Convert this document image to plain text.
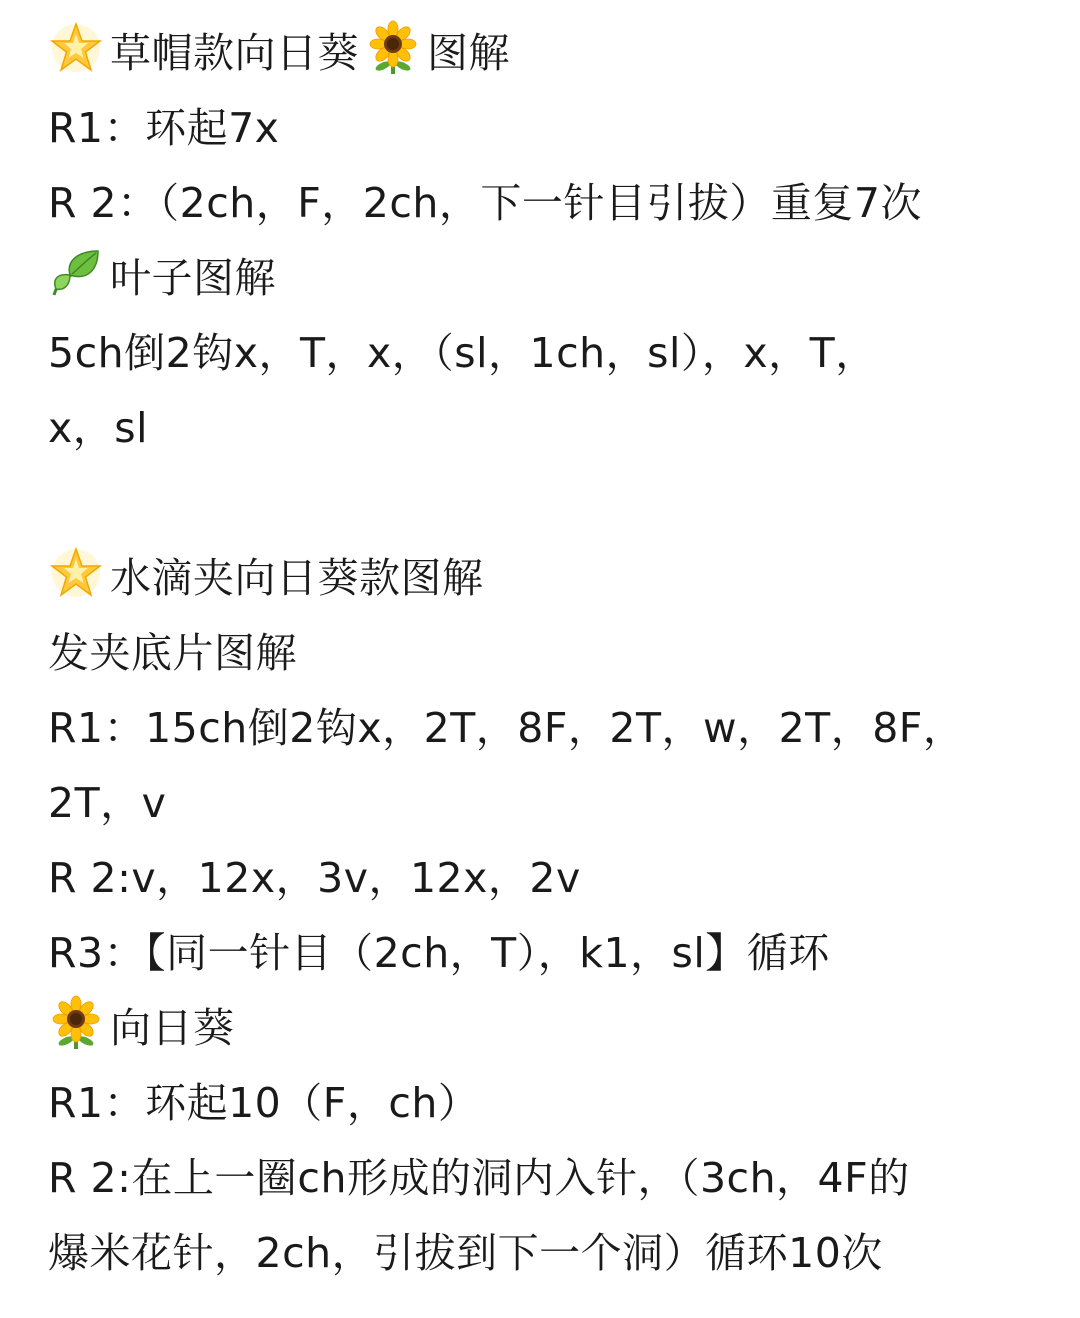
草帽款向日葵 图解
R1：环起7x
R 2：（2ch，F，2ch，下一针目引拔）重复7次
叶子图解
5ch倒2钩x，T，x，（sl，1ch，sl），x，T，
x，sl
水滴夹向日葵款图解
发夹底片图解
R1：15ch倒2钩x，2T，8F，2T，w，2T，8F，
2T，v
R 2:v，12x，3v，12x，2v
R3：【同一针目（2ch，T），k1，sl】循环
向日葵
R1：环起10（F，ch）
R 2:在上一圈ch形成的洞内入针，（3ch，4F的
爆米花针，2ch，引拔到下一个洞）循环10次
